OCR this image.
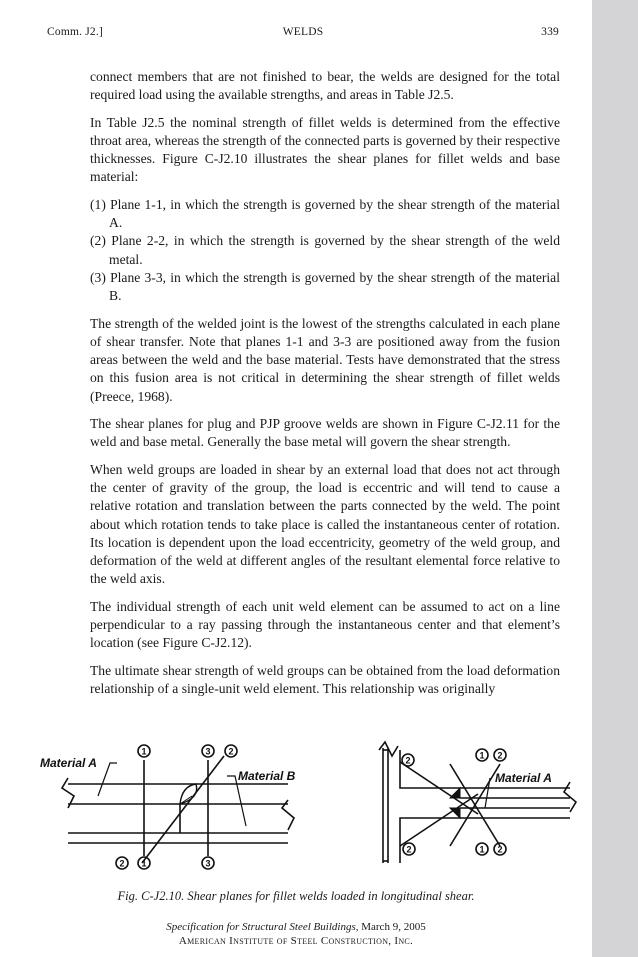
Comm. J2.]	WELDS	339

connect members that are not finished to bear, the welds are designed for the total required load using the available strengths, and areas in Table J2.5.

In Table J2.5 the nominal strength of fillet welds is determined from the effective throat area, whereas the strength of the connected parts is governed by their respective thicknesses. Figure C-J2.10 illustrates the shear planes for fillet welds and base material:

(1) Plane 1-1, in which the strength is governed by the shear strength of the material A.
(2) Plane 2-2, in which the strength is governed by the shear strength of the weld metal.
(3) Plane 3-3, in which the strength is governed by the shear strength of the material B.

The strength of the welded joint is the lowest of the strengths calculated in each plane of shear transfer. Note that planes 1-1 and 3-3 are positioned away from the fusion areas between the weld and the base material. Tests have demonstrated that the stress on this fusion area is not critical in determining the shear strength of fillet welds (Preece, 1968).

The shear planes for plug and PJP groove welds are shown in Figure C-J2.11 for the weld and base metal. Generally the base metal will govern the shear strength.

When weld groups are loaded in shear by an external load that does not act through the center of gravity of the group, the load is eccentric and will tend to cause a relative rotation and translation between the parts connected by the weld. The point about which rotation tends to take place is called the instantaneous center of rotation. Its location is dependent upon the load eccentricity, geometry of the weld group, and deformation of the weld at different angles of the resultant elemental force relative to the weld axis.

The individual strength of each unit weld element can be assumed to act on a line perpendicular to a ray passing through the instantaneous center and that element’s location (see Figure C-J2.12).

The ultimate shear strength of weld groups can be obtained from the load deformation relationship of a single-unit weld element. This relationship was originally

1	3 2
2 1	3
Material A
Material B
2	1 2
2	1 2
Material A
Fig. C-J2.10. Shear planes for fillet welds loaded in longitudinal shear.
Specification for Structural Steel Buildings, March 9, 2005
American Institute of Steel Construction, Inc.
